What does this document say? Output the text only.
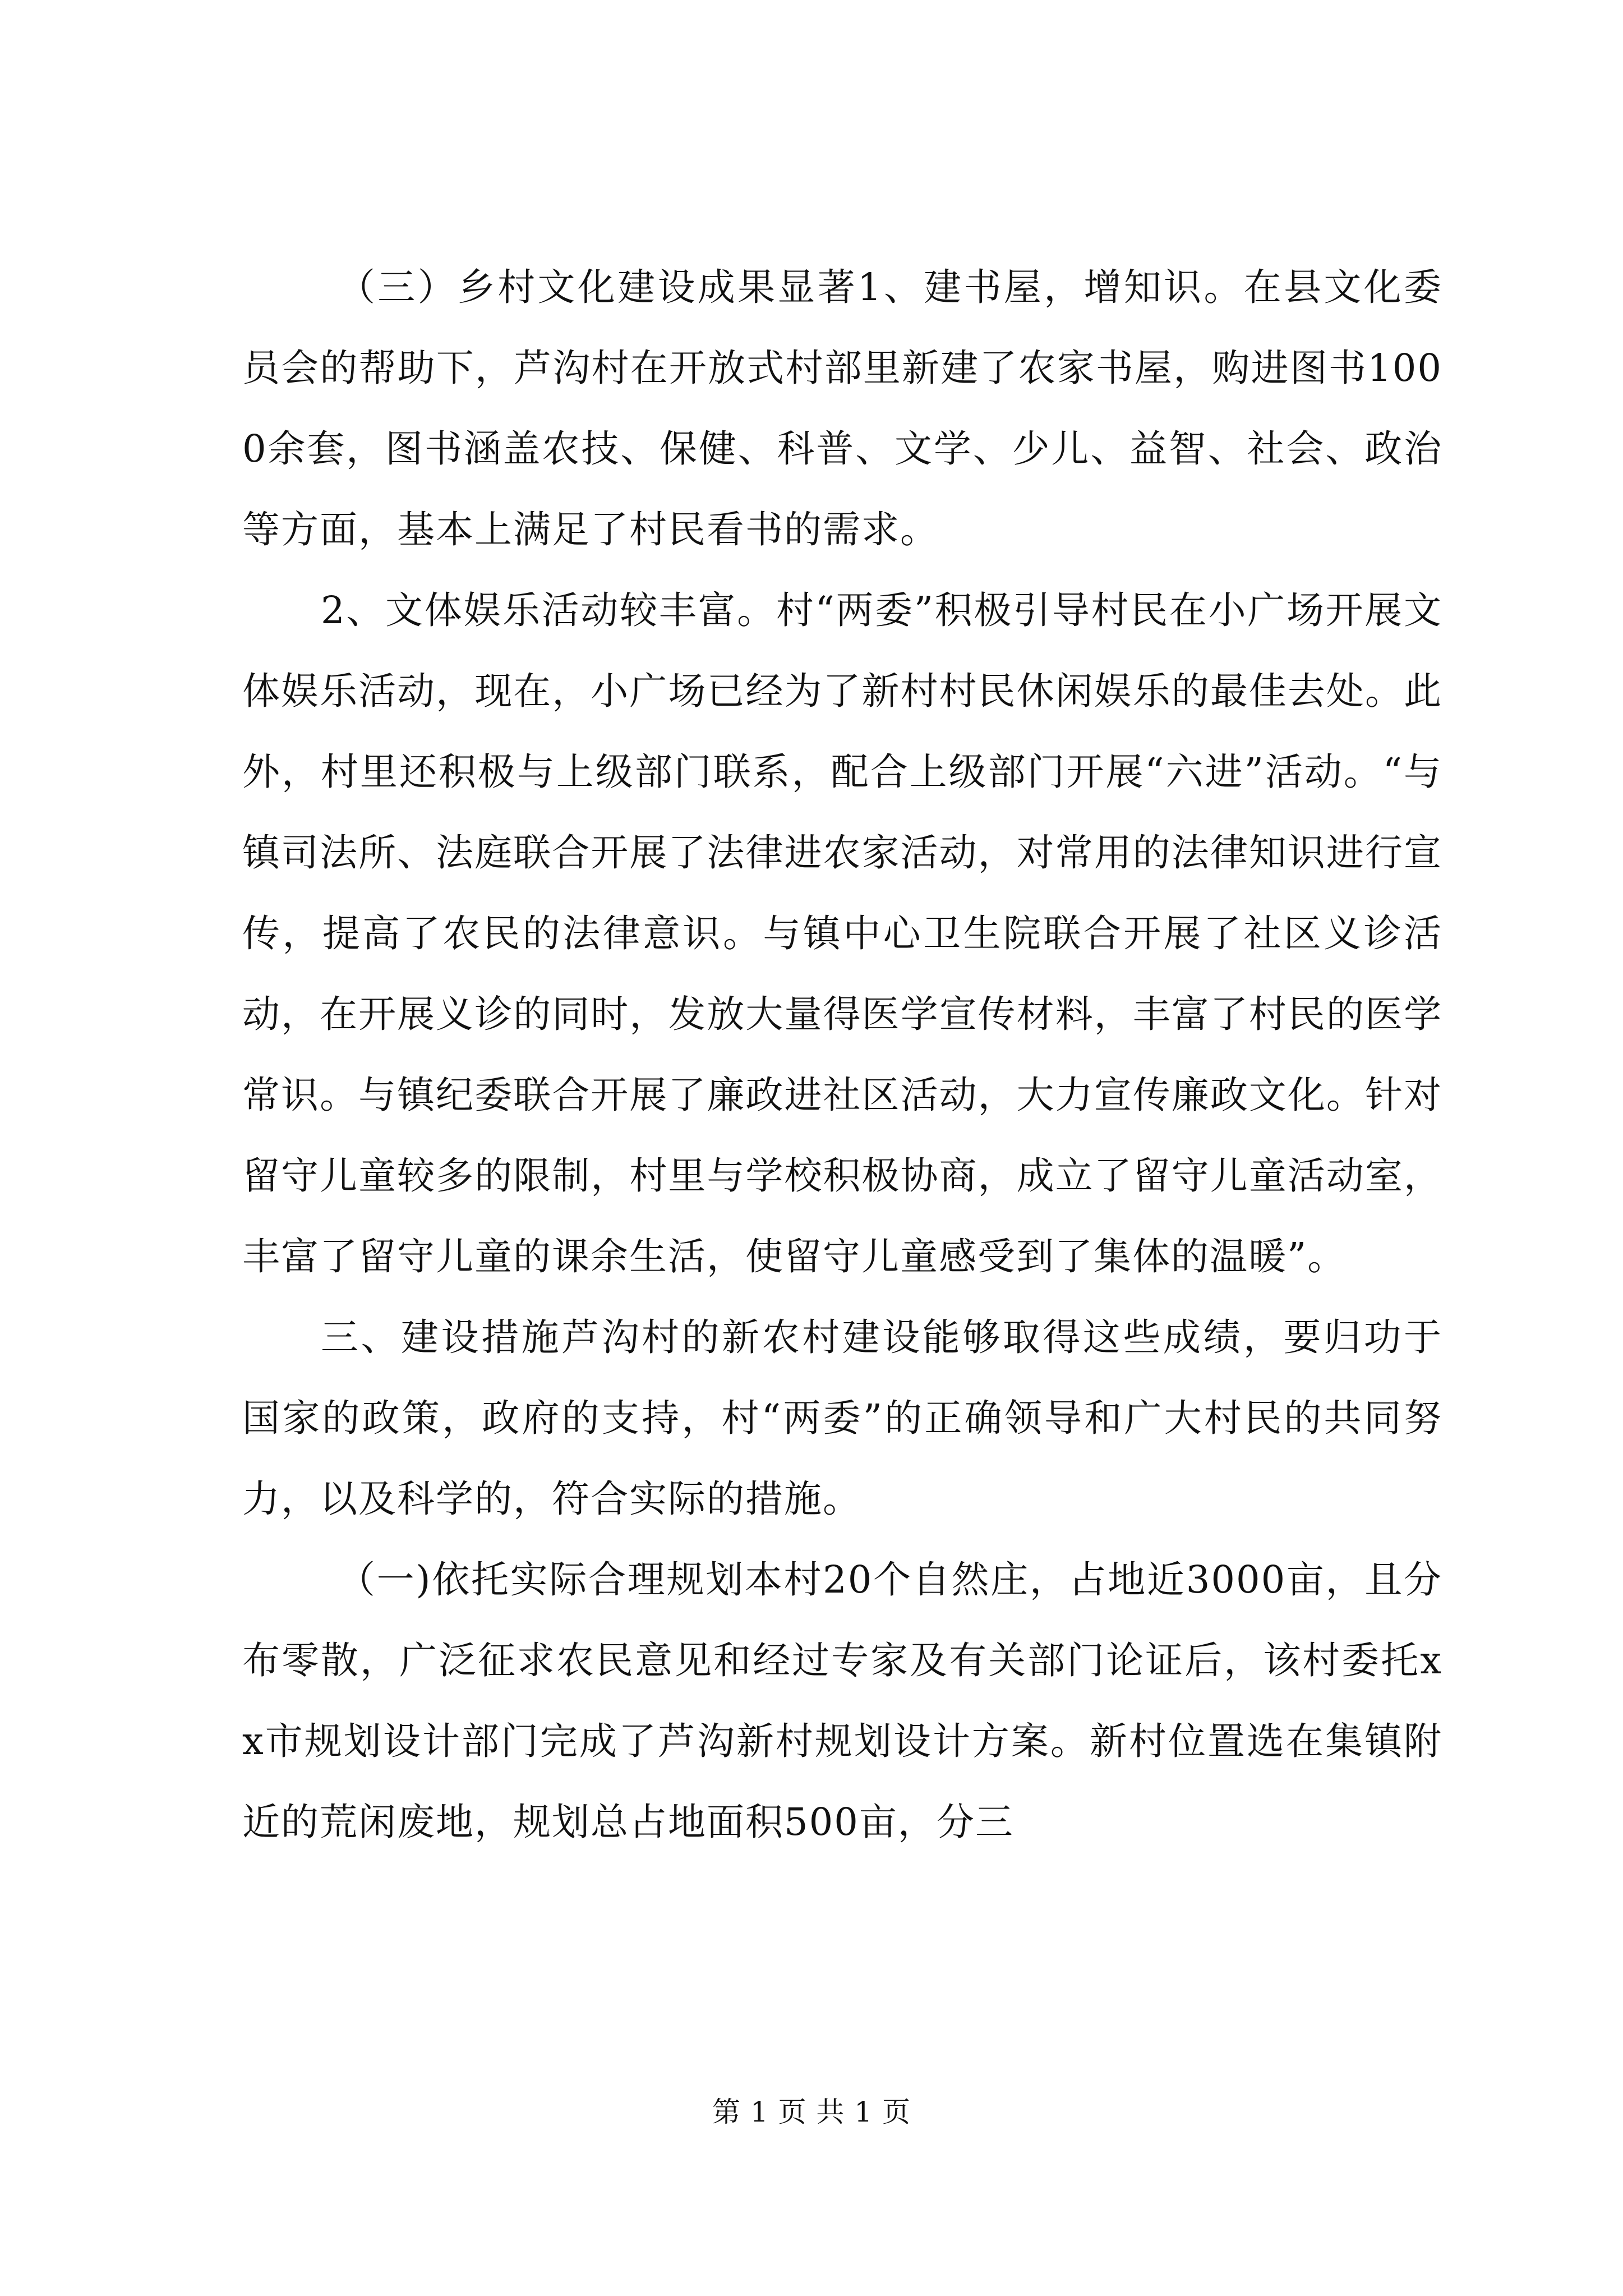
（三）乡村文化建设成果显著1、建书屋，增知识。在县文化委员会的帮助下，芦沟村在开放式村部里新建了农家书屋，购进图书1000余套，图书涵盖农技、保健、科普、文学、少儿、益智、社会、政治等方面，基本上满足了村民看书的需求。

2、文体娱乐活动较丰富。村“两委”积极引导村民在小广场开展文体娱乐活动，现在，小广场已经为了新村村民休闲娱乐的最佳去处。此外，村里还积极与上级部门联系，配合上级部门开展“六进”活动。“与镇司法所、法庭联合开展了法律进农家活动，对常用的法律知识进行宣传，提高了农民的法律意识。与镇中心卫生院联合开展了社区义诊活动，在开展义诊的同时，发放大量得医学宣传材料，丰富了村民的医学常识。与镇纪委联合开展了廉政进社区活动，大力宣传廉政文化。针对留守儿童较多的限制，村里与学校积极协商，成立了留守儿童活动室，丰富了留守儿童的课余生活，使留守儿童感受到了集体的温暖”。

三、建设措施芦沟村的新农村建设能够取得这些成绩，要归功于国家的政策，政府的支持，村“两委”的正确领导和广大村民的共同努力，以及科学的，符合实际的措施。

（一)依托实际合理规划本村20个自然庄，占地近3000亩，且分布零散，广泛征求农民意见和经过专家及有关部门论证后，该村委托xx市规划设计部门完成了芦沟新村规划设计方案。新村位置选在集镇附近的荒闲废地，规划总占地面积500亩，分三

第 1 页 共 1 页
